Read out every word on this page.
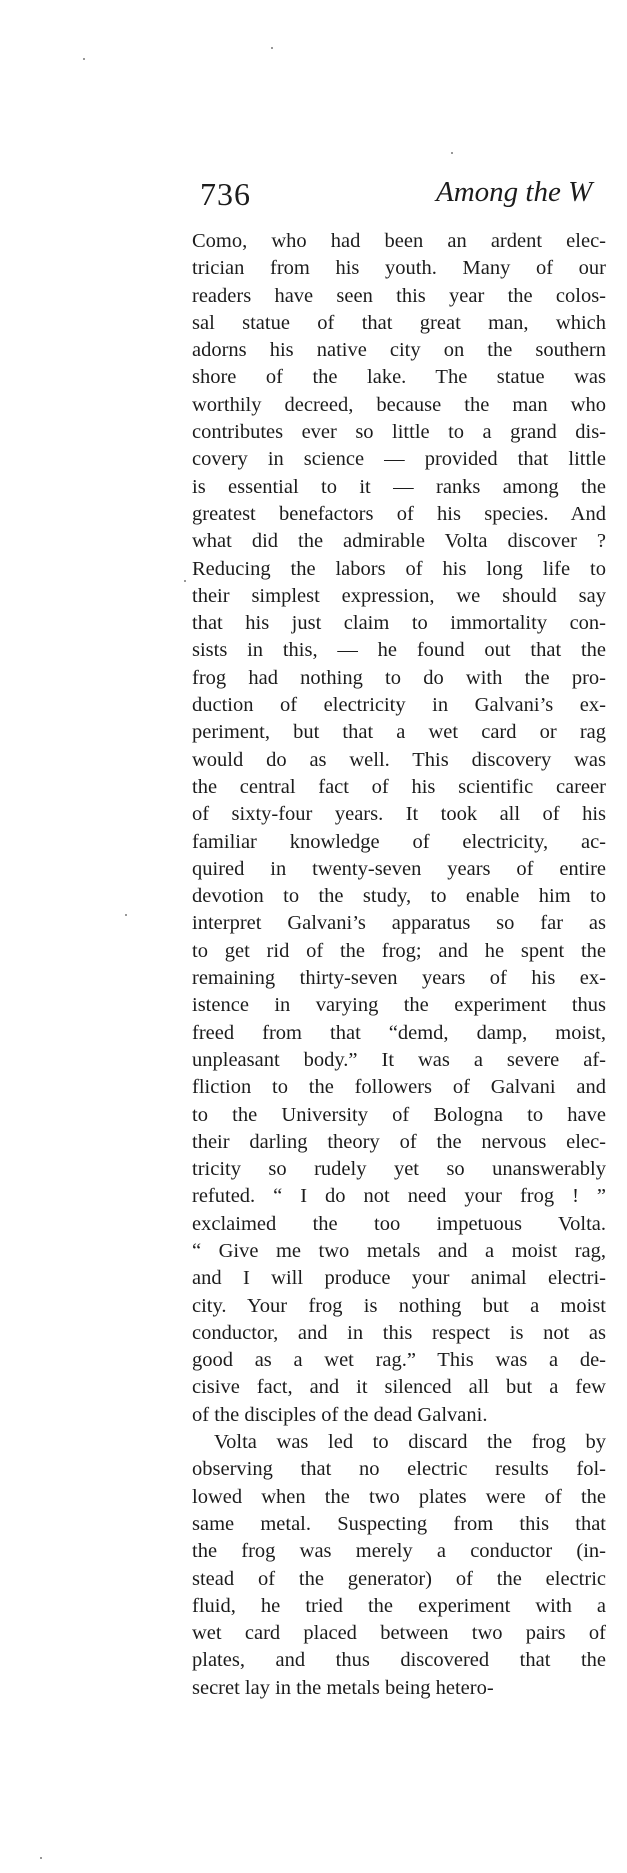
736	Among the W
Como, who had been an ardent elec-
trician from his youth. Many of our
readers have seen this year the colos-
sal statue of that great man, which
adorns his native city on the southern
shore of the lake. The statue was
worthily decreed, because the man who
contributes ever so little to a grand dis-
covery in science — provided that little
is essential to it — ranks among the
greatest benefactors of his species. And
what did the admirable Volta discover ?
Reducing the labors of his long life to
their simplest expression, we should say
that his just claim to immortality con-
sists in this, — he found out that the
frog had nothing to do with the pro-
duction of electricity in Galvani’s ex-
periment, but that a wet card or rag
would do as well. This discovery was
the central fact of his scientific career
of sixty-four years. It took all of his
familiar knowledge of electricity, ac-
quired in twenty-seven years of entire
devotion to the study, to enable him to
interpret Galvani’s apparatus so far as
to get rid of the frog; and he spent the
remaining thirty-seven years of his ex-
istence in varying the experiment thus
freed from that “demd, damp, moist,
unpleasant body.” It was a severe af-
fliction to the followers of Galvani and
to the University of Bologna to have
their darling theory of the nervous elec-
tricity so rudely yet so unanswerably
refuted. “ I do not need your frog ! ”
exclaimed the too impetuous Volta.
“ Give me two metals and a moist rag,
and I will produce your animal electri-
city. Your frog is nothing but a moist
conductor, and in this respect is not as
good as a wet rag.” This was a de-
cisive fact, and it silenced all but a few
of the disciples of the dead Galvani.
Volta was led to discard the frog by
observing that no electric results fol-
lowed when the two plates were of the
same metal. Suspecting from this that
the frog was merely a conductor (in-
stead of the generator) of the electric
fluid, he tried the experiment with a
wet card placed between two pairs of
plates, and thus discovered that the
secret lay in the metals being hetero-
